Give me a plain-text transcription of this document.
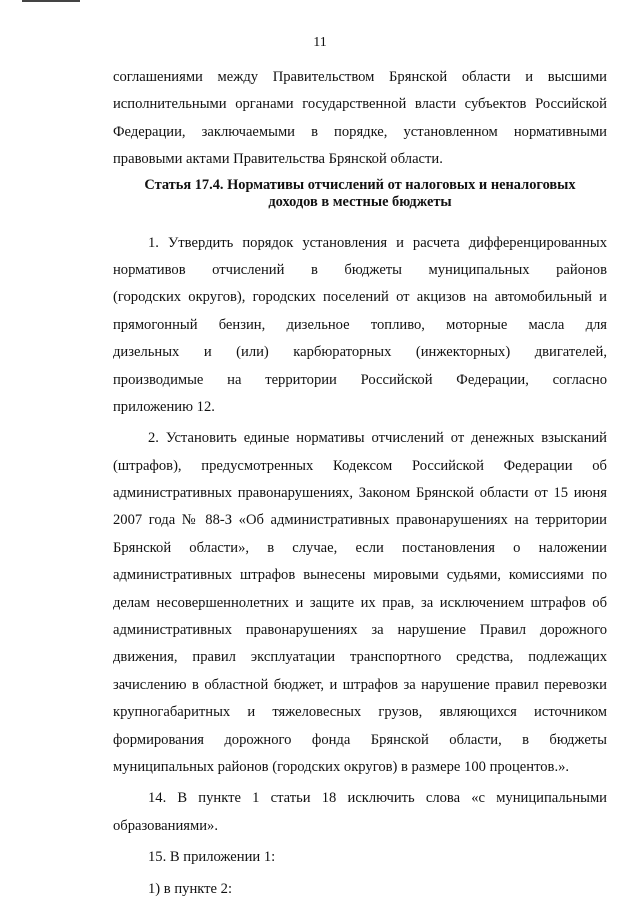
11
соглашениями между Правительством Брянской области и высшими
исполнительными органами государственной власти субъектов Российской
Федерации, заключаемыми в порядке, установленном нормативными
правовыми актами Правительства Брянской области.
Статья 17.4. Нормативы отчислений от налоговых и неналоговых
доходов в местные бюджеты
1. Утвердить порядок установления и расчета дифференцированных
нормативов отчислений в бюджеты муниципальных районов
(городских округов), городских поселений от акцизов на автомобильный и
прямогонный бензин, дизельное топливо, моторные масла для
дизельных и (или) карбюраторных (инжекторных) двигателей,
производимые на территории Российской Федерации, согласно
приложению 12.
2. Установить единые нормативы отчислений от денежных взысканий
(штрафов), предусмотренных Кодексом Российской Федерации об
административных правонарушениях, Законом Брянской области от 15 июня
2007 года № 88-З «Об административных правонарушениях на территории
Брянской области», в случае, если постановления о наложении
административных штрафов вынесены мировыми судьями, комиссиями по
делам несовершеннолетних и защите их прав, за исключением штрафов об
административных правонарушениях за нарушение Правил дорожного
движения, правил эксплуатации транспортного средства, подлежащих
зачислению в областной бюджет, и штрафов за нарушение правил перевозки
крупногабаритных и тяжеловесных грузов, являющихся источником
формирования дорожного фонда Брянской области, в бюджеты
муниципальных районов (городских округов) в размере 100 процентов.».
14. В пункте 1 статьи 18 исключить слова «с муниципальными
образованиями».
15. В приложении 1:
1) в пункте 2:
